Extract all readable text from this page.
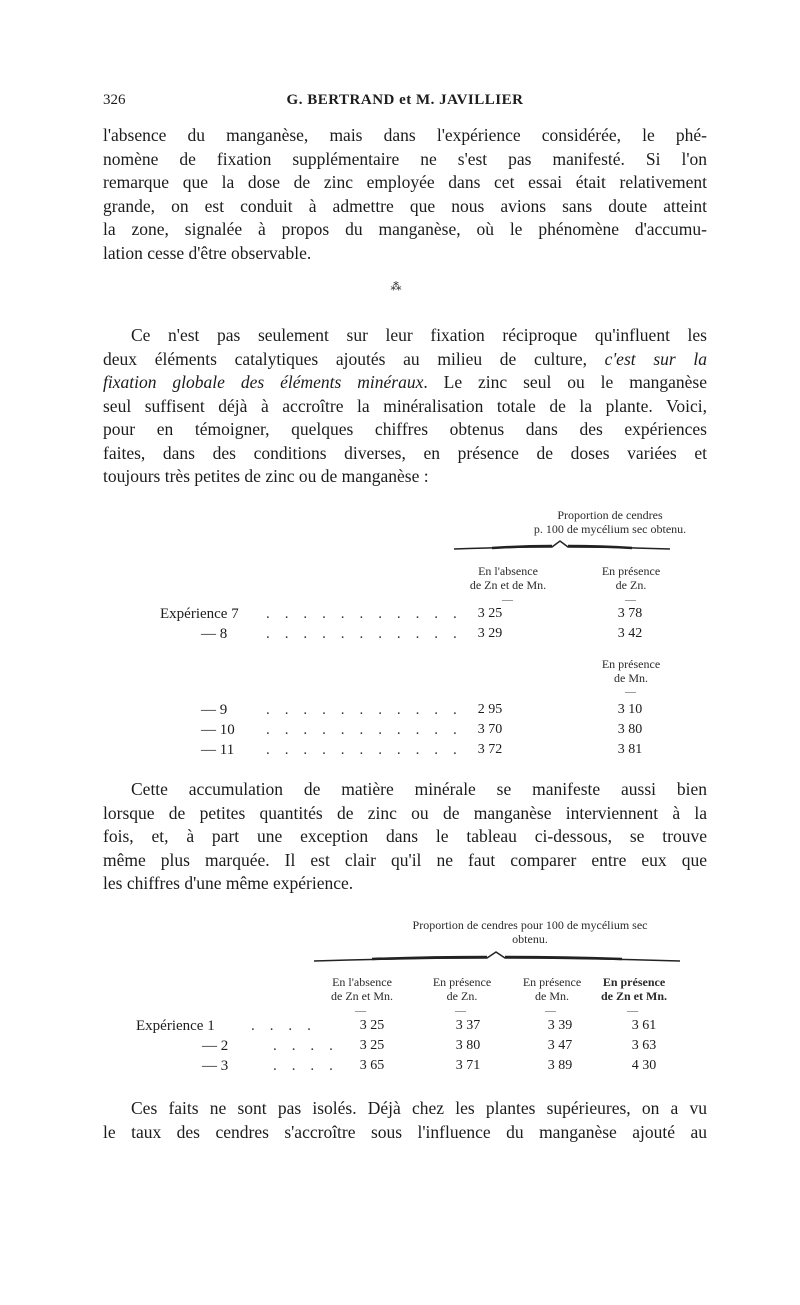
326	G. BERTRAND et M. JAVILLIER

l'absence du manganèse, mais dans l'expérience considérée, le phé-
nomène de fixation supplémentaire ne s'est pas manifesté. Si l'on
remarque que la dose de zinc employée dans cet essai était relativement
grande, on est conduit à admettre que nous avions sans doute atteint
la zone, signalée à propos du manganèse, où le phénomène d'accumu-
lation cesse d'être observable.

⁂

Ce n'est pas seulement sur leur fixation réciproque qu'influent les
deux éléments catalytiques ajoutés au milieu de culture, c'est sur la
fixation globale des éléments minéraux. Le zinc seul ou le manganèse
seul suffisent déjà à accroître la minéralisation totale de la plante. Voici,
pour en témoigner, quelques chiffres obtenus dans des expériences
faites, dans des conditions diverses, en présence de doses variées et
toujours très petites de zinc ou de manganèse :

Proportion de cendres
p. 100 de mycélium sec obtenu.
En l'absence
de Zn et de Mn.
En présence
de Zn.
—	—
Expérience 7 . . . . . . . . . . .	3 25	3 78
— 8	. . . . . . . . . . .	3 29	3 42
En présence
de Mn.
—
— 9	. . . . . . . . . . .	2 95	3 10
— 10 . . . . . . . . . . .	3 70	3 80
— 11 . . . . . . . . . . .	3 72	3 81

Cette accumulation de matière minérale se manifeste aussi bien
lorsque de petites quantités de zinc ou de manganèse interviennent à la
fois, et, à part une exception dans le tableau ci-dessous, se trouve
même plus marquée. Il est clair qu'il ne faut comparer entre eux que
les chiffres d'une même expérience.

Proportion de cendres pour 100 de mycélium sec
obtenu.
En l'absence
de Zn et Mn.
En présence
de Zn.
En présence
de Mn.
En présence
de Zn et Mn.
—	—	—	—
Expérience 1 . . . .	3 25	3 37	3 39	3 61
— 2	. . . .	3 25	3 80	3 47	3 63
— 3	. . . .	3 65	3 71	3 89	4 30

Ces faits ne sont pas isolés. Déjà chez les plantes supérieures, on a vu
le taux des cendres s'accroître sous l'influence du manganèse ajouté au
